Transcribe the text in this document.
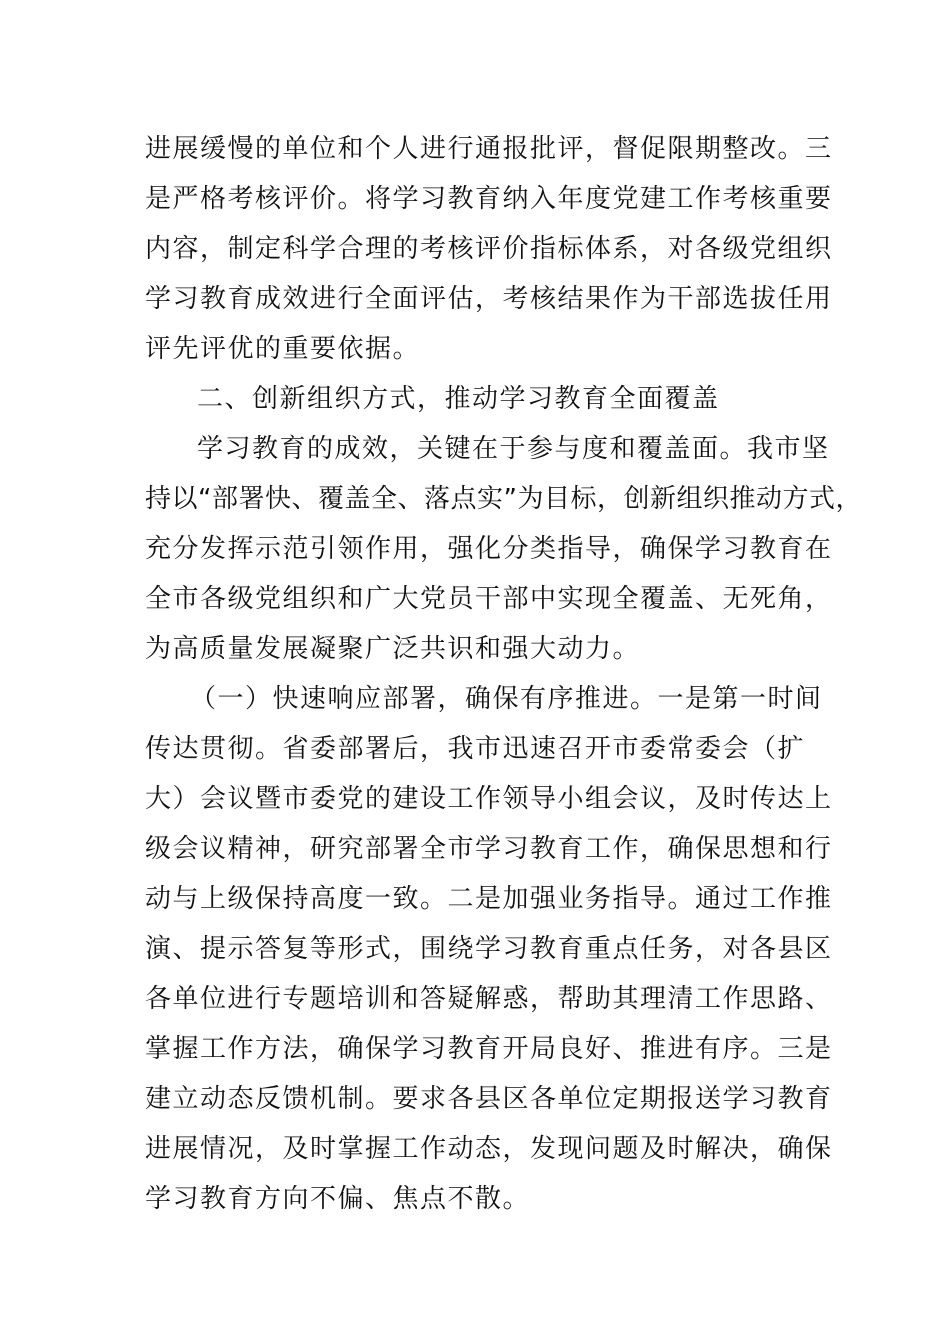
进展缓慢的单位和个人进行通报批评，督促限期整改。三
是严格考核评价。将学习教育纳入年度党建工作考核重要
内容，制定科学合理的考核评价指标体系，对各级党组织
学习教育成效进行全面评估，考核结果作为干部选拔任用
评先评优的重要依据。
二、创新组织方式，推动学习教育全面覆盖
学习教育的成效，关键在于参与度和覆盖面。我市坚
持以“部署快、覆盖全、落点实”为目标，创新组织推动方式，
充分发挥示范引领作用，强化分类指导，确保学习教育在
全市各级党组织和广大党员干部中实现全覆盖、无死角，
为高质量发展凝聚广泛共识和强大动力。
（一）快速响应部署，确保有序推进。一是第一时间
传达贯彻。省委部署后，我市迅速召开市委常委会（扩
大）会议暨市委党的建设工作领导小组会议，及时传达上
级会议精神，研究部署全市学习教育工作，确保思想和行
动与上级保持高度一致。二是加强业务指导。通过工作推
演、提示答复等形式，围绕学习教育重点任务，对各县区
各单位进行专题培训和答疑解惑，帮助其理清工作思路、
掌握工作方法，确保学习教育开局良好、推进有序。三是
建立动态反馈机制。要求各县区各单位定期报送学习教育
进展情况，及时掌握工作动态，发现问题及时解决，确保
学习教育方向不偏、焦点不散。
